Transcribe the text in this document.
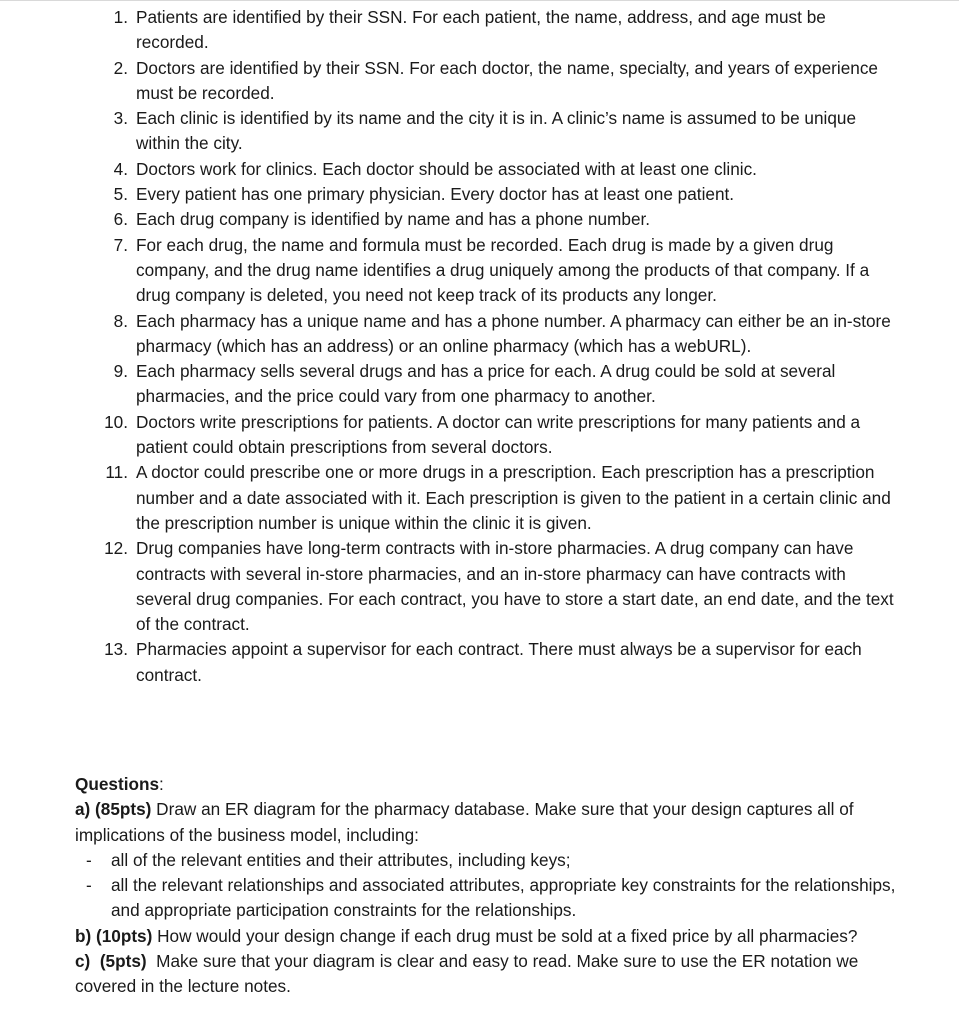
1. Patients are identified by their SSN. For each patient, the name, address, and age must be recorded.
2. Doctors are identified by their SSN. For each doctor, the name, specialty, and years of experience must be recorded.
3. Each clinic is identified by its name and the city it is in. A clinic’s name is assumed to be unique within the city.
4. Doctors work for clinics. Each doctor should be associated with at least one clinic.
5. Every patient has one primary physician. Every doctor has at least one patient.
6. Each drug company is identified by name and has a phone number.
7. For each drug, the name and formula must be recorded. Each drug is made by a given drug company, and the drug name identifies a drug uniquely among the products of that company. If a drug company is deleted, you need not keep track of its products any longer.
8. Each pharmacy has a unique name and has a phone number. A pharmacy can either be an in-store pharmacy (which has an address) or an online pharmacy (which has a webURL).
9. Each pharmacy sells several drugs and has a price for each. A drug could be sold at several pharmacies, and the price could vary from one pharmacy to another.
10. Doctors write prescriptions for patients. A doctor can write prescriptions for many patients and a patient could obtain prescriptions from several doctors.
11. A doctor could prescribe one or more drugs in a prescription. Each prescription has a prescription number and a date associated with it. Each prescription is given to the patient in a certain clinic and the prescription number is unique within the clinic it is given.
12. Drug companies have long-term contracts with in-store pharmacies. A drug company can have contracts with several in-store pharmacies, and an in-store pharmacy can have contracts with several drug companies. For each contract, you have to store a start date, an end date, and the text of the contract.
13. Pharmacies appoint a supervisor for each contract. There must always be a supervisor for each contract.
Questions:
a) (85pts) Draw an ER diagram for the pharmacy database. Make sure that your design captures all of implications of the business model, including:
- all of the relevant entities and their attributes, including keys;
- all the relevant relationships and associated attributes, appropriate key constraints for the relationships, and appropriate participation constraints for the relationships.
b) (10pts) How would your design change if each drug must be sold at a fixed price by all pharmacies?
c)  (5pts)  Make sure that your diagram is clear and easy to read. Make sure to use the ER notation we covered in the lecture notes.
